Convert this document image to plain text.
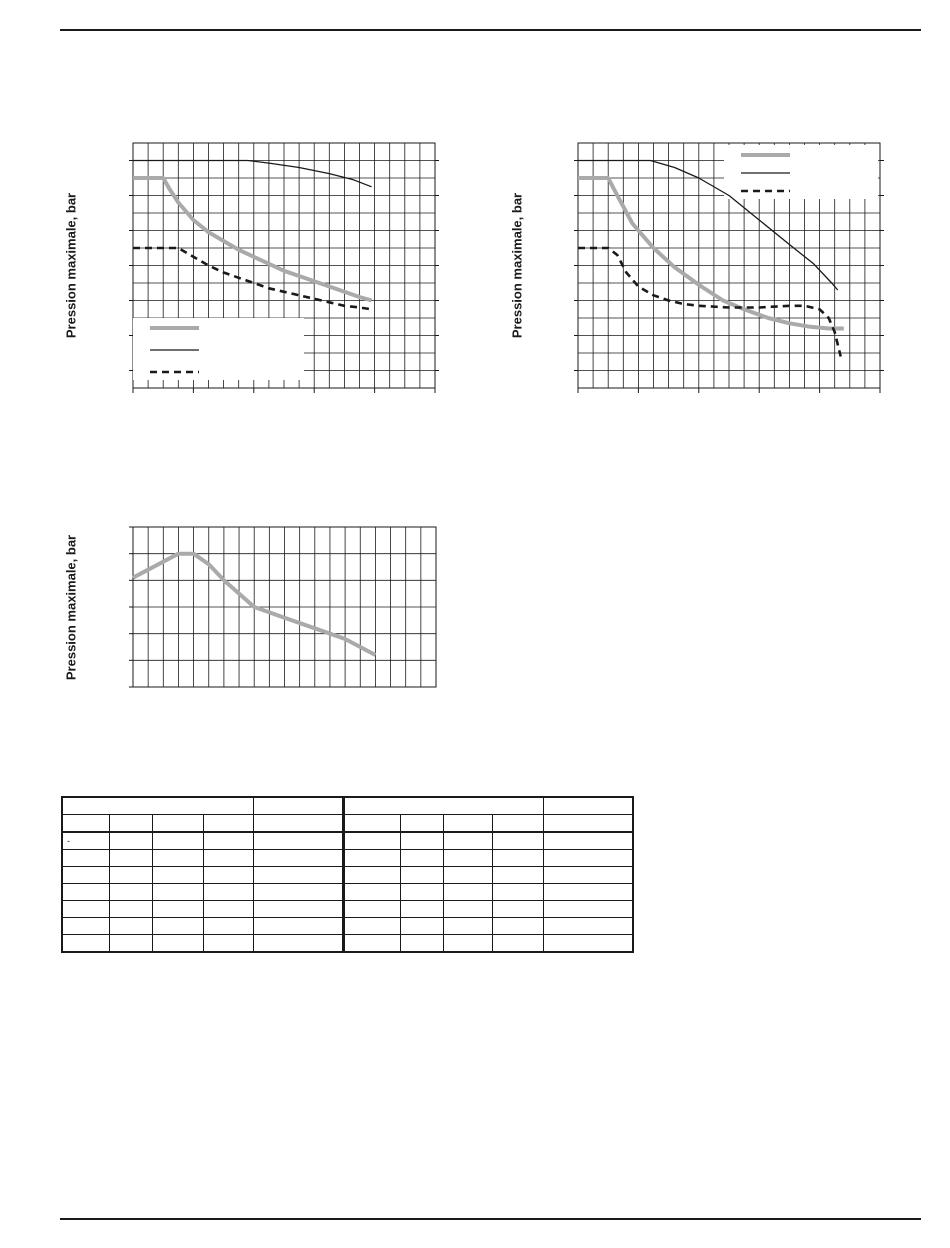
Pression maximale, bar	Pression maximale, bar
Pression maximale, bar

-									
